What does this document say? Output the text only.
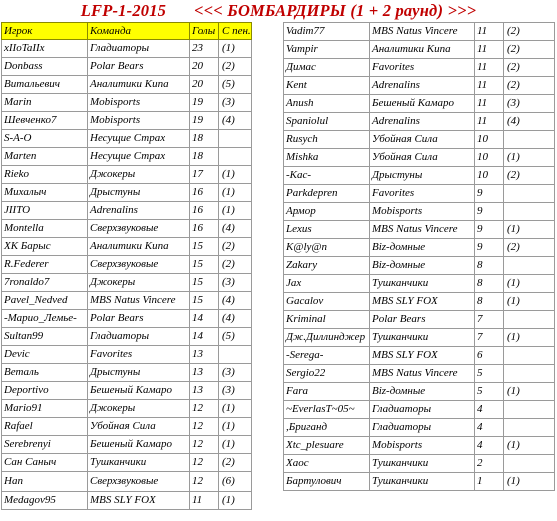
LFP-1-2015 <<< БОМБАРДИРЫ (1 + 2 раунд) >>>
Игрок	Команда	Голы	С пен.
xIIoTaIIx	Гладиаторы	23	(1)
Donbass	Polar Bears	20	(2)
Витальевич	Аналитики Кипа	20	(5)
Marin	Mobisports	19	(3)
Шевченко7	Mobisports	19	(4)
S-A-O	Несущие Страх	18	
Marten	Несущие Страх	18	
Rieko	Джокеры	17	(1)
Михалыч	Дрыстуны	16	(1)
JIITO	Adrenalins	16	(1)
Montella	Сверхзвуковые	16	(4)
ХК Барыс	Аналитики Кипа	15	(2)
R.Federer	Сверхзвуковые	15	(2)
7ronaldo7	Джокеры	15	(3)
Pavel_Nedved	MBS Natus Vincere	15	(4)
-Марио_Лемье-	Polar Bears	14	(4)
Sultan99	Гладиаторы	14	(5)
Devic	Favorites	13	
Веталь	Дрыстуны	13	(3)
Deportivo	Бешеный Камаро	13	(3)
Mario91	Джокеры	12	(1)
Rafael	Убойная Сила	12	(1)
Serebrenyi	Бешеный Камаро	12	(1)
Сан Саныч	Тушканчики	12	(2)
Нап	Сверхзвуковые	12	(6)
Medagov95	MBS SLY FOX	11	(1)
Vadim77	MBS Natus Vincere	11	(2)
Vampir	Аналитики Кипа	11	(2)
Димас	Favorites	11	(2)
Kent	Adrenalins	11	(2)
Anush	Бешеный Камаро	11	(3)
Spaniolul	Adrenalins	11	(4)
Rusych	Убойная Сила	10	
Mishka	Убойная Сила	10	(1)
-Кас-	Дрыстуны	10	(2)
Parkdepren	Favorites	9	
Армор	Mobisports	9	
Lexus	MBS Natus Vincere	9	(1)
K@ly@n	Biz-домные	9	(2)
Zakary	Biz-домные	8	
Jax	Тушканчики	8	(1)
Gacalov	MBS SLY FOX	8	(1)
Kriminal	Polar Bears	7	
Дж.Диллинджер	Тушканчики	7	(1)
-Serega-	MBS SLY FOX	6	
Sergio22	MBS Natus Vincere	5	
Fara	Biz-домные	5	(1)
~EverlasT~05~	Гладиаторы	4	
,Бриганд	Гладиаторы	4	
Xtc_plesuare	Mobisports	4	(1)
Хаос	Тушканчики	2	
Бартулович	Тушканчики	1	(1)
